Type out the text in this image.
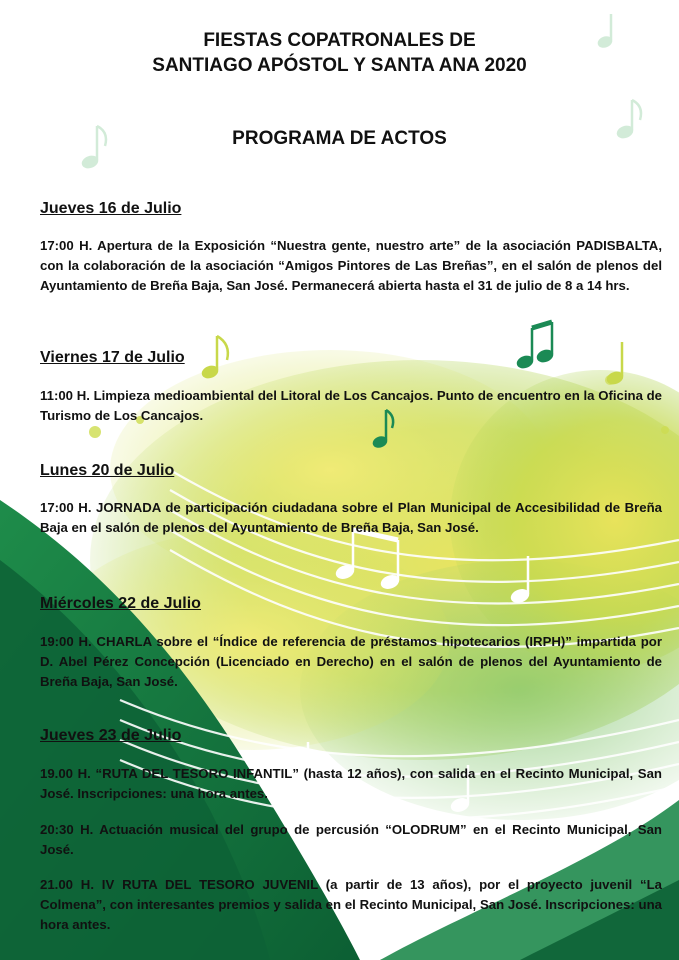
FIESTAS COPATRONALES DE
SANTIAGO APÓSTOL Y SANTA ANA 2020
PROGRAMA DE ACTOS
Jueves 16 de Julio
17:00 H. Apertura de la Exposición “Nuestra gente, nuestro arte” de la asociación PADISBALTA, con la colaboración de la asociación “Amigos Pintores de Las Breñas”, en el salón de plenos del Ayuntamiento de Breña Baja, San José. Permanecerá abierta hasta el 31 de julio de 8 a 14 hrs.
Viernes 17 de Julio
11:00 H. Limpieza medioambiental del Litoral de Los Cancajos. Punto de encuentro en la Oficina de Turismo de Los Cancajos.
Lunes 20 de Julio
17:00 H. JORNADA de participación ciudadana sobre el Plan Municipal de Accesibilidad de Breña Baja en el salón de plenos del Ayuntamiento de Breña Baja, San José.
Miércoles 22 de Julio
19:00 H. CHARLA sobre el “Índice de referencia de préstamos hipotecarios (IRPH)” impartida por D. Abel Pérez Concepción (Licenciado en Derecho) en el salón de plenos del Ayuntamiento de Breña Baja, San José.
Jueves 23 de Julio
19.00 H. “RUTA DEL TESORO INFANTIL” (hasta 12 años), con salida en el Recinto Municipal, San José. Inscripciones: una hora antes.
20:30 H. Actuación musical del grupo de percusión “OLODRUM” en el Recinto Municipal, San José.
21.00 H. IV RUTA DEL TESORO JUVENIL (a partir de 13 años), por el proyecto juvenil “La Colmena”, con interesantes premios y salida en el Recinto Municipal, San José. Inscripciones: una hora antes.
